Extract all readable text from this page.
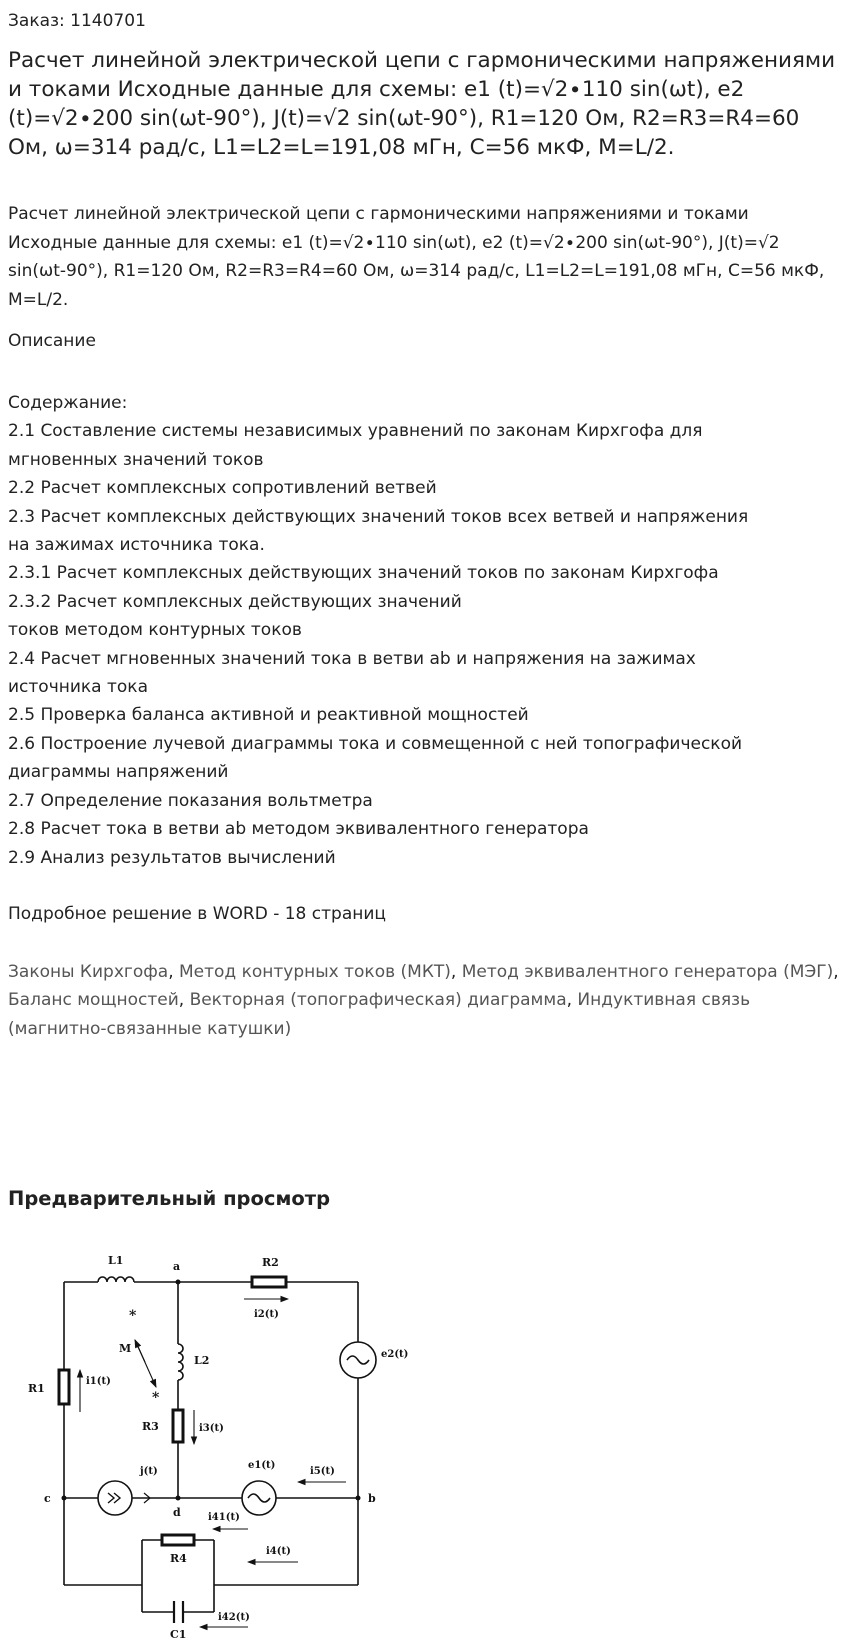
Заказ: 1140701
Расчет линейной электрической цепи с гармоническими напряжениями и токами Исходные данные для схемы: e1 (t)=√2∙110 sin(ωt), e2 (t)=√2∙200 sin(ωt-90°), J(t)=√2 sin(ωt-90°), R1=120 Ом, R2=R3=R4=60 Ом, ω=314 рад/с, L1=L2=L=191,08 мГн, C=56 мкФ, M=L/2.
Расчет линейной электрической цепи с гармоническими напряжениями и токами Исходные данные для схемы: e1 (t)=√2∙110 sin(ωt), e2 (t)=√2∙200 sin(ωt-90°), J(t)=√2 sin(ωt-90°), R1=120 Ом, R2=R3=R4=60 Ом, ω=314 рад/с, L1=L2=L=191,08 мГн, C=56 мкФ, M=L/2.
Описание
Содержание:
2.1 Составление системы независимых уравнений по законам Кирхгофа для
мгновенных значений токов
2.2 Расчет комплексных сопротивлений ветвей
2.3 Расчет комплексных действующих значений токов всех ветвей и напряжения
на зажимах источника тока.
2.3.1 Расчет комплексных действующих значений токов по законам Кирхгофа
2.3.2 Расчет комплексных действующих значений
токов методом контурных токов
2.4 Расчет мгновенных значений тока в ветви ab и напряжения на зажимах
источника тока
2.5 Проверка баланса активной и реактивной мощностей
2.6 Построение лучевой диаграммы тока и совмещенной с ней топографической
диаграммы напряжений
2.7 Определение показания вольтметра
2.8 Расчет тока в ветви ab методом эквивалентного генератора
2.9 Анализ результатов вычислений
Подробное решение в WORD - 18 страниц
Законы Кирхгофа, Метод контурных токов (МКТ), Метод эквивалентного генератора (МЭГ), Баланс мощностей, Векторная (топографическая) диаграмма, Индуктивная связь (магнитно-связанные катушки)
Предварительный просмотр
*
*
L1	a	R2
i2(t)
M
L2	e2(t)
R1
i1(t)
R3	i3(t)
j(t)
e1(t)
i5(t)
c	b
d	i41(t)
R4
i4(t)
C1
i42(t)
